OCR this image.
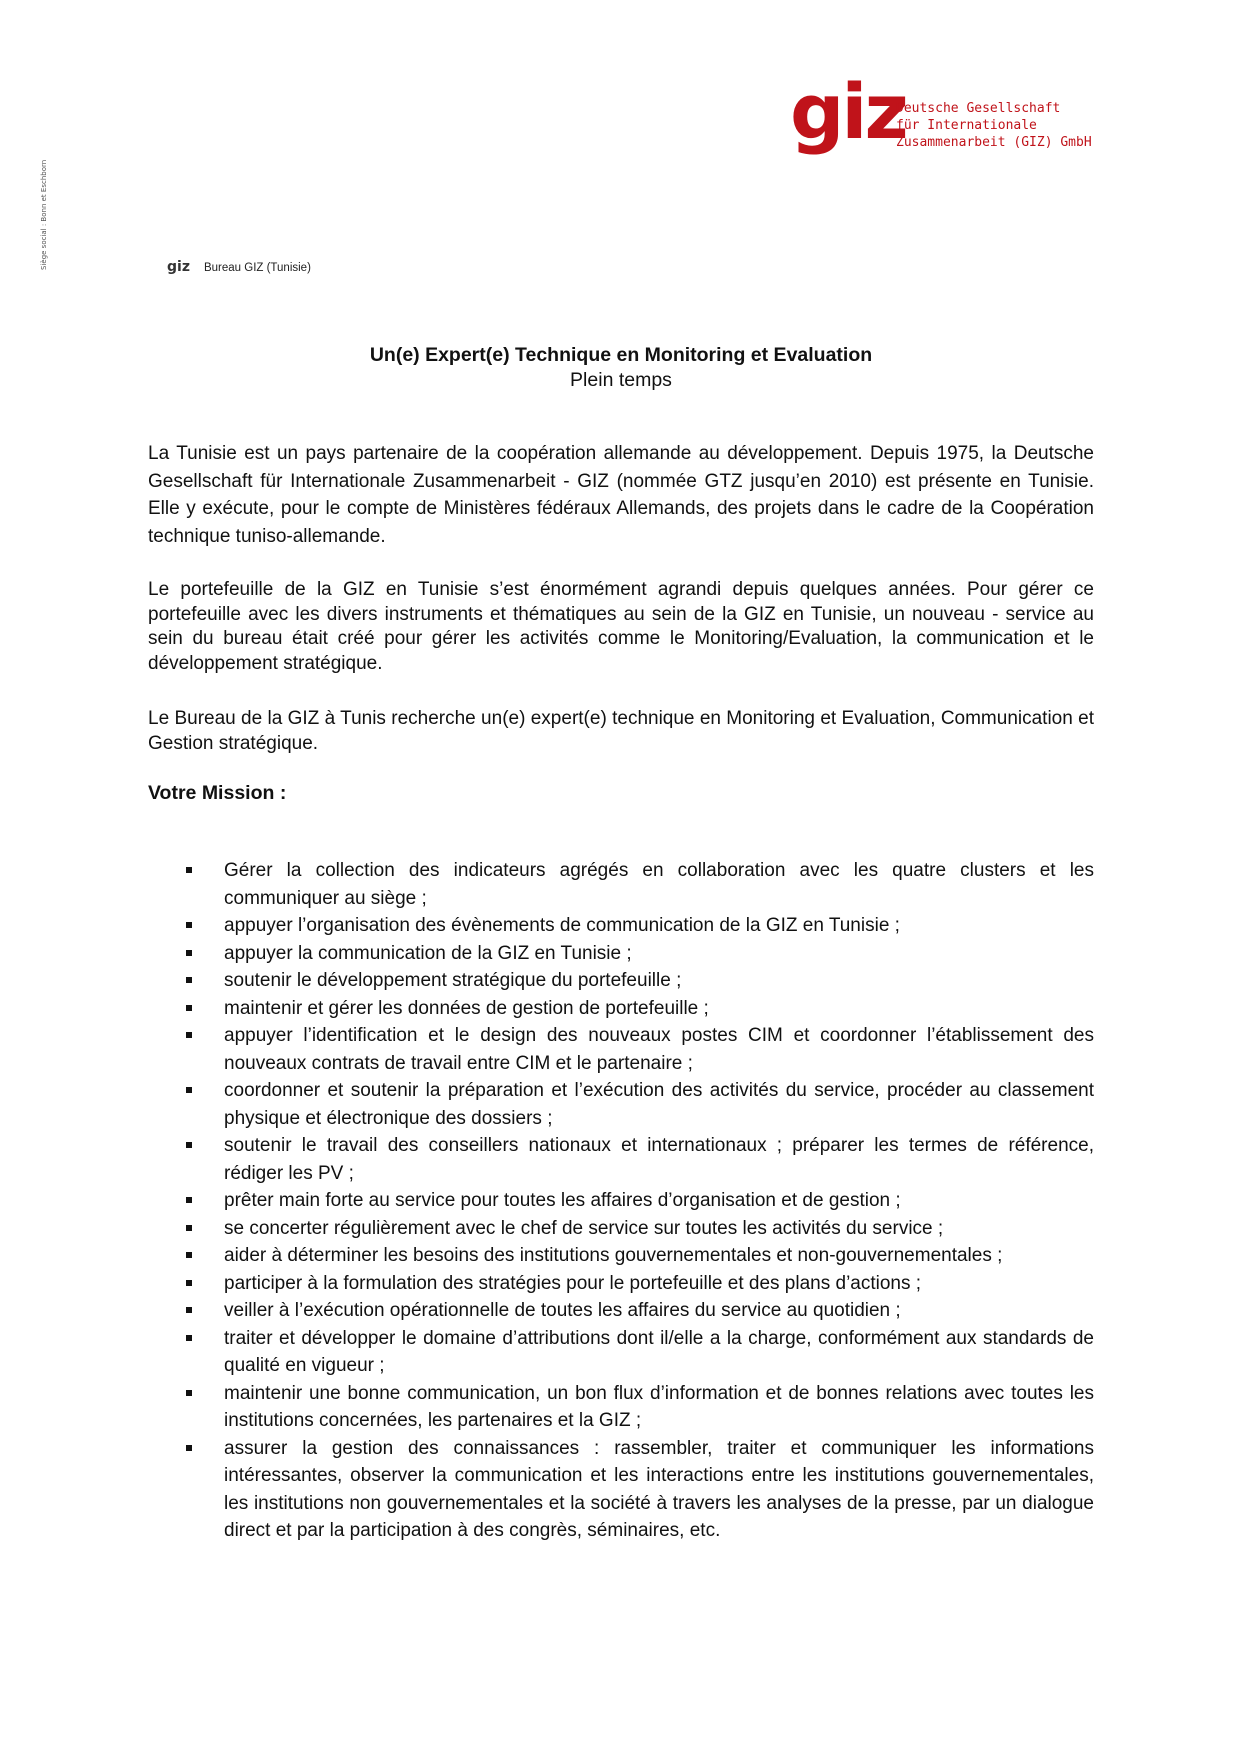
Siège social : Bonn et Eschborn
giz
Deutsche Gesellschaft
für Internationale
Zusammenarbeit (GIZ) GmbH
giz Bureau GIZ (Tunisie)
Un(e) Expert(e) Technique en Monitoring et Evaluation
Plein temps

La Tunisie est un pays partenaire de la coopération allemande au développement. Depuis 1975, la Deutsche Gesellschaft für Internationale Zusammenarbeit - GIZ (nommée GTZ jusqu’en 2010) est présente en Tunisie. Elle y exécute, pour le compte de Ministères fédéraux Allemands, des projets dans le cadre de la Coopération technique tuniso-allemande.

Le portefeuille de la GIZ en Tunisie s’est énormément agrandi depuis quelques années. Pour gérer ce portefeuille avec les divers instruments et thématiques au sein de la GIZ en Tunisie, un nouveau - service au sein du bureau était créé pour gérer les activités comme le Monitoring/Evaluation, la communication et le développement stratégique.

Le Bureau de la GIZ à Tunis recherche un(e) expert(e) technique en Monitoring et Evaluation, Communication et Gestion stratégique.

Votre Mission :
Gérer la collection des indicateurs agrégés en collaboration avec les quatre clusters et les communiquer au siège ;
appuyer l’organisation des évènements de communication de la GIZ en Tunisie ;
appuyer la communication de la GIZ en Tunisie ;
soutenir le développement stratégique du portefeuille ;
maintenir et gérer les données de gestion de portefeuille ;
appuyer l’identification et le design des nouveaux postes CIM et coordonner l’établissement des nouveaux contrats de travail entre CIM et le partenaire ;
coordonner et soutenir la préparation et l’exécution des activités du service, procéder au classement physique et électronique des dossiers ;
soutenir le travail des conseillers nationaux et internationaux ; préparer les termes de référence, rédiger les PV ;
prêter main forte au service pour toutes les affaires d’organisation et de gestion ;
se concerter régulièrement avec le chef de service sur toutes les activités du service ;
aider à déterminer les besoins des institutions gouvernementales et non-gouvernementales ;
participer à la formulation des stratégies pour le portefeuille et des plans d’actions ;
veiller à l’exécution opérationnelle de toutes les affaires du service au quotidien ;
traiter et développer le domaine d’attributions dont il/elle a la charge, conformément aux standards de qualité en vigueur ;
maintenir une bonne communication, un bon flux d’information et de bonnes relations avec toutes les institutions concernées, les partenaires et la GIZ ;
assurer la gestion des connaissances : rassembler, traiter et communiquer les informations intéressantes, observer la communication et les interactions entre les institutions gouvernementales, les institutions non gouvernementales et la société à travers les analyses de la presse, par un dialogue direct et par la participation à des congrès, séminaires, etc.
